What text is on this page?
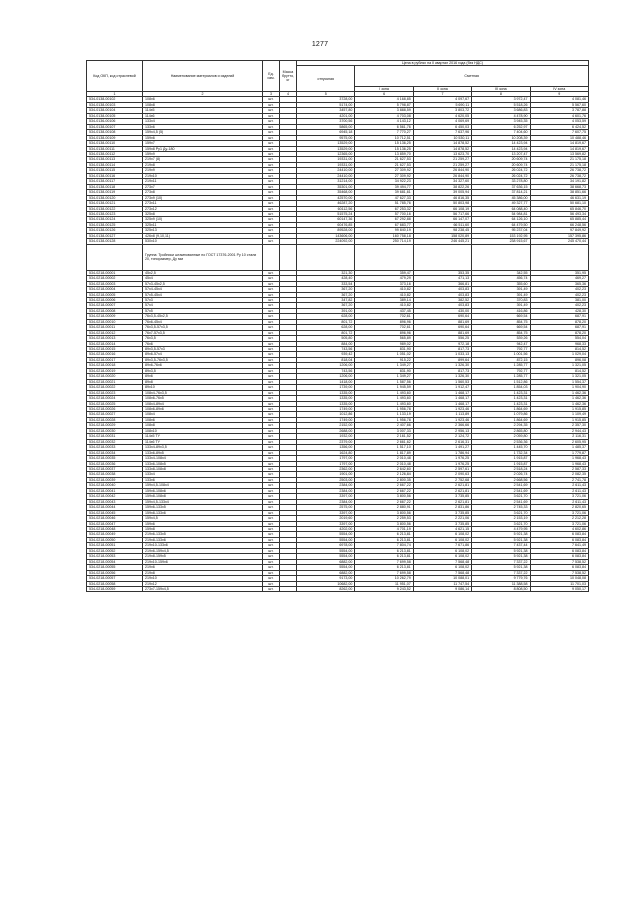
1277
Код ОКП, код отраслевой	Наименование материалов и изделий	Ед. изм.	Масса брутто, кг	Цена в рублях на II квартал 2016 года (без НДС)				
				отпускная	Сметная			
					I зона	II зона	III зона	IV зона
1	2	3	4	5	6	7	8	9
534-0138-00102	108x6	шт.		3728,00	4 168,85	4 097,67	3 972,47	4 081,46
534-0138-00103	108x8	шт.		5174,00	5 798,87	5 690,11	5 518,26	5 567,60
534-0138-00104	114x5	шт.		3457,80	3 888,59	3 803,72	3 686,83	3 787,88
534-0138-00105	114x6	шт.		4201,00	4 703,08	4 620,05	4 478,90	4 601,76
534-0136-00106	133x4	шт.		3700,56	4 143,12	4 069,69	3 945,35	4 053,59
534-0138-00107	133x6	шт.		5865,00	6 561,76	6 450,03	6 252,97	6 424,52
534-0138-00108	159x4,5 (5)	шт.		6945,18	7 770,27	7 637,96	7 404,60	7 607,75
534-0138-00109	159x6	шт.		9575,00	10 712,51	10 530,11	10 208,39	10 488,46
534-0138-00110	159x7	шт.		13529,00	15 136,25	14 878,52	14 423,94	14 819,67
534-0138-00111	159x8 Ру1 Ду-180	шт.		13529,00	15 136,25	14 878,52	14 423,94	14 819,67
534-0138-00112	159x9	шт.		12365,00	13 859,70	13 623,70	13 207,47	13 569,82
534-0138-00113	219x7 (8)	шт.		19331,00	21 627,53	21 259,27	20 609,74	21 175,18
534-0138-00114	219x8	шт.		19331,00	21 627,53	21 259,27	20 609,74	21 175,18
534-0138-00115	219x9	шт.		24410,00	27 309,92	26 844,90	26 024,72	26 738,72
534-0138-00116	219x10	шт.		24410,00	27 309,92	26 844,90	26 024,72	26 738,72
534-0138-00117	219x11	шт.		31214,00	34 922,23	34 327,60	33 278,80	34 191,82
534-0138-00118	273x7	шт.		35301,00	39 494,77	38 822,26	37 636,15	38 668,73
534-0138-00119	273x8	шт.		35468,00	39 681,61	39 005,94	37 814,21	38 851,66
534-0138-00120	273x9 (10)	шт.		42570,00	47 627,33	46 816,35	45 386,00	46 631,19
534-0138-00121	273x11	шт.		46287,20	51 785,76	50 803,98	49 327,77	50 681,10
534-0138-00122	273x12	шт.		60112,56	67 253,32	66 108,19	64 088,40	65 846,70
534-0138-00123	325x8	шт.		51575,24	57 700,16	56 717,66	54 984,81	56 493,34
534-0138-00124	325x9 (10)	шт.		60147,36	67 292,88	66 147,07	64 126,10	65 885,44
534-0138-00125	325x11	шт.		60476,85	67 683,77	66 511,60	64 479,50	66 248,56
534-0138-00126	325x13	шт.		89528,00	99 840,19	98 238,45	95 237,04	97 849,92
534-0138-00127	426x8 (9,10,11)	шт.		143606,00	160 758,18	158 020,89	153 192,95	157 395,86
534-0138-00128	530x10	шт.		224092,00	250 714,19	246 445,21	238 915,67	245 470,44
	Группа: Тройники штампованные по ГОСТ 17376-2001 Ру 10 стали 20, типоразмер, Ду мм							
534-0218-00001	45x2,5	шт.		321,30	359,47	353,35	342,55	351,95
534-0218-00002	45x4	шт.		428,40	479,29	471,13	456,74	469,27
534-0218-00003	57x3-45x2,5	шт.		333,54	373,16	366,81	355,60	365,36
534-0218-00004	57x4-45x4	шт.		367,20	410,82	403,83	391,49	402,23
534-0218-00005	57x5-45x4	шт.		367,20	410,82	403,83	391,49	402,23
534-0218-00006	57x3	шт.		347,82	389,14	382,52	370,83	381,00
534-0218-00007	57x4	шт.		367,20	410,82	403,83	391,49	402,23
534-0218-00008	57x5	шт.		391,00	437,45	430,00	416,86	428,30
534-0218-00009	76x3,5-45x2,5	шт.		628,00	702,61	690,64	669,54	687,91
534-0218-00010	76x6-45x4	шт.		801,72	896,96	881,69	854,75	878,20
534-0218-00011	76x3,5-57x3,5	шт.		628,00	702,61	690,64	669,54	687,91
534-0218-00012	76x7-57x3,5	шт.		801,72	896,96	881,69	854,75	878,20
534-0218-00013	76x3,5	шт.		505,80	565,89	556,25	539,26	554,04
534-0218-00014	76x6	шт.		884,00	989,02	972,18	942,47	968,33
534-0218-00015	89x3,5-57x3	шт.		743,56	831,90	817,73	792,77	814,52
534-0218-00016	89x6-57x4	шт.		939,42	1 051,02	1 033,13	1 001,56	1 029,04
534-0218-00017	89x3,5-76x3,5	шт.		818,04	915,22	899,64	872,15	896,08
534-0218-00018	89x6-76x6	шт.		1206,00	1 349,27	1 326,30	1 285,77	1 321,05
534-0218-00019	89x3,5	шт.		743,56	831,90	817,73	792,77	814,52
534-0218-00020	89x6	шт.		1206,00	1 349,27	1 326,30	1 285,77	1 321,05
534-0218-00021	89x8	шт.		1418,00	1 587,56	1 560,53	1 512,86	1 554,37
534-0218-00022	89x10	шт.		1739,00	1 945,59	1 912,47	1 854,03	1 904,90
534-0218-00023	108x4-76x3,5	шт.		1335,00	1 493,60	1 468,17	1 423,31	1 462,36
534-0218-00024	108x6-76x5	шт.		1335,00	1 493,60	1 468,17	1 423,31	1 462,36
534-0218-00025	108x4-89x4	шт.		1335,00	1 493,60	1 468,17	1 423,31	1 462,36
534-0218-00026	108x6-89x6	шт.		1749,00	1 956,78	1 923,46	1 864,69	1 915,85
534-0218-00027	108x4	шт.		1012,86	1 133,19	1 113,89	1 079,86	1 109,49
534-0218-00028	108x6	шт.		1749,00	1 956,78	1 923,46	1 864,69	1 915,85
534-0218-00029	108x8	шт.		2152,00	2 407,66	2 366,66	2 294,35	2 357,30
534-0218-00030	108x10	шт.		2688,00	3 007,33	2 956,13	2 865,80	2 944,43
534-0218-00031	114x5 TY	шт.		1932,00	2 161,52	2 124,72	2 059,80	2 116,31
534-0218-00032	114x6 TY	шт.		2379,00	2 661,62	2 616,31	2 536,36	2 605,95
534-0218-00033	133x4-89x3,5	шт.		1356,00	1 517,10	1 491,27	1 445,70	1 485,37
534-0218-00034	133x6-89x5	шт.		1624,80	1 817,89	1 786,94	1 732,34	1 779,87
534-0218-00035	133x4-108x4	шт.		1797,00	2 010,48	1 976,25	1 915,87	1 968,43
534-0218-00036	133x6-108x5	шт.		1797,00	2 010,48	1 976,25	1 915,87	1 968,43
534-0218-00037	133x8-108x8	шт.		2362,00	2 642,60	2 597,61	2 518,24	2 587,33
534-0218-00038	133x4	шт.		1901,00	2 126,84	2 090,63	2 026,74	2 082,35
534-0218-00039	133x6	шт.		2503,00	2 800,35	2 752,68	2 668,56	2 741,78
534-0218-00040	159x4,5-108x4	шт.		2384,00	2 667,22	2 621,81	2 541,69	2 611,43
534-0218-00041	159x6-108x6	шт.		2384,00	2 667,22	2 621,81	2 541,69	2 611,43
534-0218-00042	159x8-108x8	шт.		3397,00	3 800,56	3 735,85	3 621,70	3 721,06
534-0218-00043	159x4,5-133x4	шт.		2384,00	2 667,22	2 621,81	2 541,69	2 611,43
534-0218-00044	159x6-133x5	шт.		2575,00	2 880,91	2 831,86	2 745,33	2 820,65
534-0218-00045	159x8-133x6	шт.		3397,00	3 800,56	3 735,85	3 621,70	3 721,06
534-0218-00046	159x4,5	шт.		2019,60	2 259,53	2 221,06	2 153,19	2 212,28
534-0218-00047	159x6	шт.		3397,00	3 800,56	3 735,85	3 621,70	3 721,06
534-0218-00048	159x8	шт.		4202,00	4 701,19	4 621,15	4 479,95	4 602,86
534-0218-00049	219x6-133x5	шт.		5554,00	6 213,81	6 108,02	5 921,38	6 083,84
534-0218-00050	219x8-133x6	шт.		5554,00	6 213,81	6 108,02	5 921,38	6 083,84
534-0218-00051	219x10-133x6	шт.		6978,00	7 804,74	7 671,86	7 437,44	7 641,49
534-0218-00052	219x6-159x4,5	шт.		5554,00	6 213,81	6 108,02	5 921,38	6 083,84
534-0218-00053	219x8-159x5	шт.		5554,00	6 213,81	6 108,02	5 921,38	6 083,84
534-0218-00054	219x10-159x6	шт.		6882,00	7 699,58	7 568,48	7 337,22	7 538,52
534-0218-00055	219x6	шт.		5554,00	6 213,81	6 108,02	5 921,38	6 083,84
534-0218-00056	219x8	шт.		6882,00	7 699,58	7 568,48	7 337,22	7 538,52
534-0218-00057	219x10	шт.		9173,00	10 262,79	10 088,01	9 779,76	10 048,08
534-0218-00058	219x12	шт.		10682,00	11 951,07	11 747,54	11 388,58	11 701,03
534-0218-00059	273x7-159x4,5	шт.		8262,00	9 243,52	9 086,14	8 808,50	9 050,17
